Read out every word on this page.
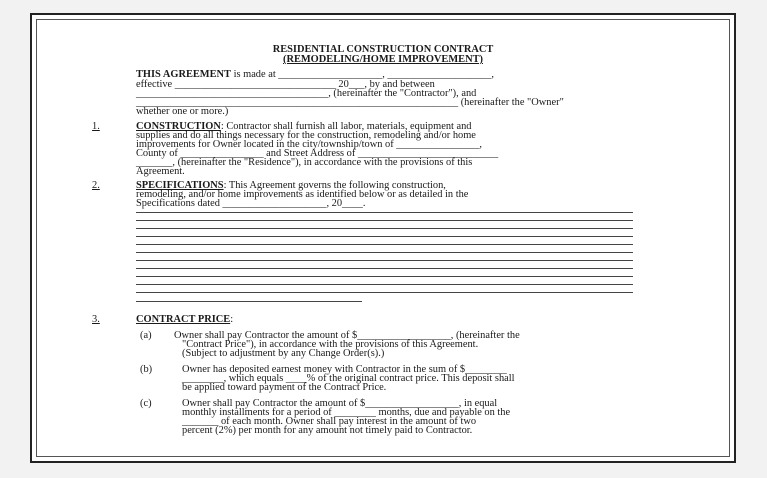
RESIDENTIAL CONSTRUCTION CONTRACT
(REMODELING/HOME IMPROVEMENT)
THIS AGREEMENT is made at ____________________, ____________________,
effective _______________________________ 20___, by and between
_____________________________________, (hereinafter the "Contractor"), and
______________________________________________________________ (hereinafter the "Owner"
whether one or more.)
1.	CONSTRUCTION: Contractor shall furnish all labor, materials, equipment and
supplies and do all things necessary for the construction, remodeling and/or home
improvements for Owner located in the city/township/town of ________________,
County of ________________ and Street Address of ___________________________
_______, (hereinafter the "Residence"), in accordance with the provisions of this
Agreement.
2.	SPECIFICATIONS: This Agreement governs the following construction,
remodeling, and/or home improvements as identified below or as detailed in the
Specifications dated ____________________, 20____.
3.	CONTRACT PRICE:
(a) Owner shall pay Contractor the amount of $__________________, (hereinafter the
"Contract Price"), in accordance with the provisions of this Agreement.
(Subject to adjustment by any Change Order(s).)
(b)	Owner has deposited earnest money with Contractor in the sum of $________
________, which equals ____% of the original contract price. This deposit shall
be applied toward payment of the Contract Price.
(c)	Owner shall pay Contractor the amount of $__________________, in equal
monthly installments for a period of ________ months, due and payable on the
_______ of each month. Owner shall pay interest in the amount of two
percent (2%) per month for any amount not timely paid to Contractor.
